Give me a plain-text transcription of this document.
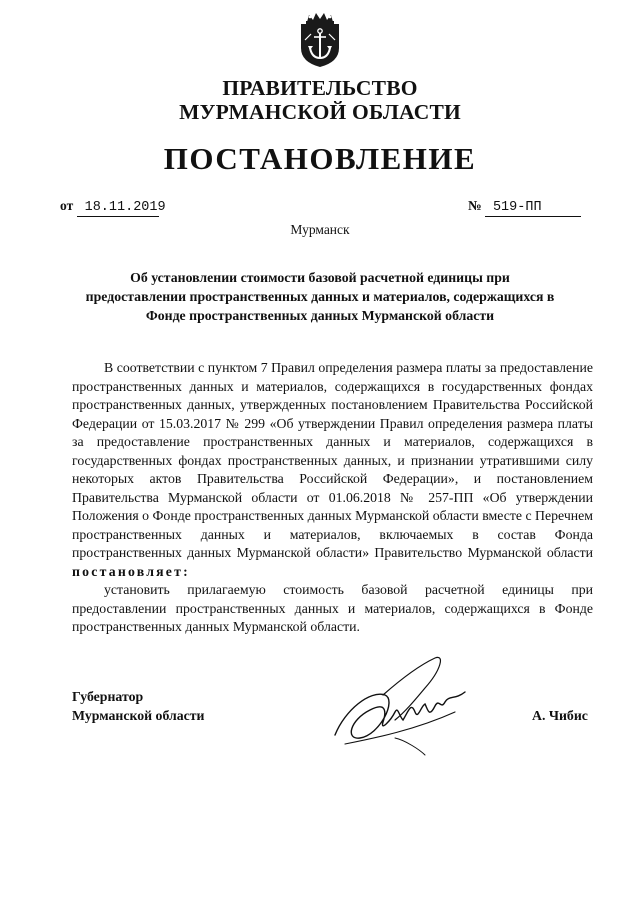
ПРАВИТЕЛЬСТВО
МУРМАНСКОЙ ОБЛАСТИ
ПОСТАНОВЛЕНИЕ
от 18.11.2019	№ 519-ПП
Мурманск
Об установлении стоимости базовой расчетной единицы при
предоставлении пространственных данных и материалов, содержащихся в
Фонде пространственных данных Мурманской области

В соответствии с пунктом 7 Правил определения размера платы за предоставление пространственных данных и материалов, содержащихся в государственных фондах пространственных данных, утвержденных постановлением Правительства Российской Федерации от 15.03.2017 № 299 «Об утверждении Правил определения размера платы за предоставление пространственных данных и материалов, содержащихся в государственных фондах пространственных данных, и признании утратившими силу некоторых актов Правительства Российской Федерации», и постановлением Правительства Мурманской области от 01.06.2018 № 257-ПП «Об утверждении Положения о Фонде пространственных данных Мурманской области вместе с Перечнем пространственных данных и материалов, включаемых в состав Фонда пространственных данных Мурманской области» Правительство Мурманской области постановляет:

установить прилагаемую стоимость базовой расчетной единицы при предоставлении пространственных данных и материалов, содержащихся в Фонде пространственных данных Мурманской области.

Губернатор
Мурманской области	А. Чибис
